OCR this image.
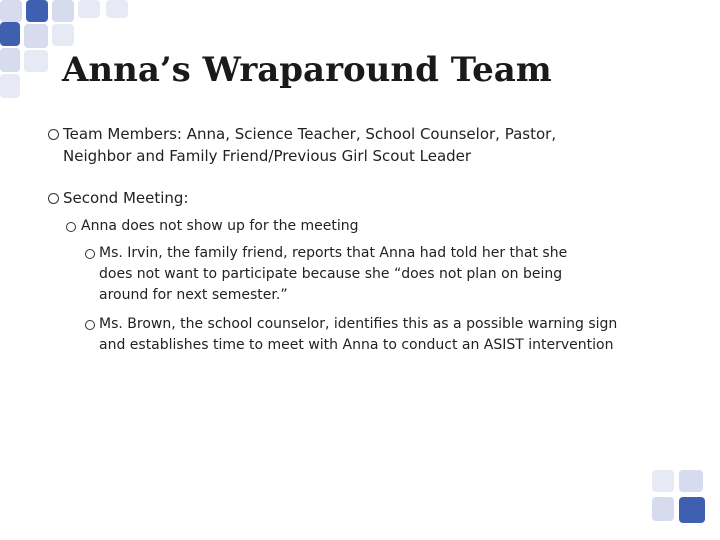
Anna’s Wraparound Team
Team Members: Anna, Science Teacher, School Counselor, Pastor, Neighbor and Family Friend/Previous Girl Scout Leader
Second Meeting:
Anna does not show up for the meeting
Ms. Irvin, the family friend, reports that Anna had told her that she does not want to participate because she “does not plan on being around for next semester.”
Ms. Brown, the school counselor, identifies this as a possible warning sign and establishes time to meet with Anna to conduct an ASIST intervention
